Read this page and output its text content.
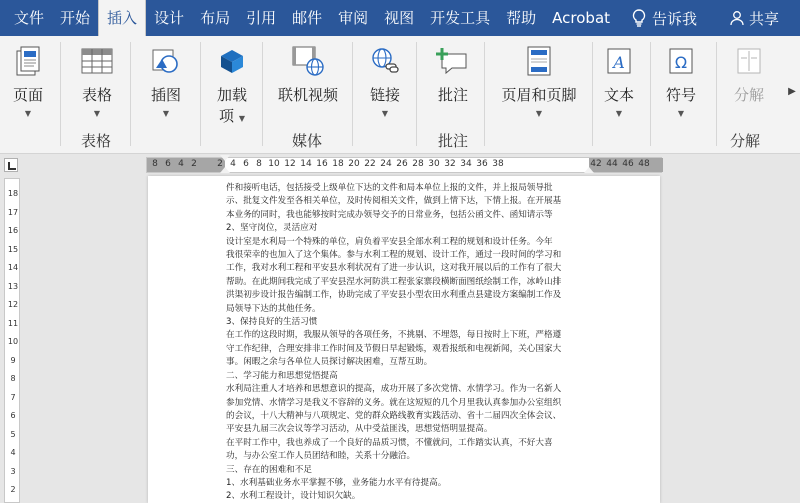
文件	开始	插入	设计	布局	引用	邮件	审阅	视图	开发工具	帮助	Acrobat	告诉我	共享
页面
▼
表格
▼
表格
插图
▼
加载
项 ▼
联机视频
媒体
链接
▼
批注
批注
页眉和页脚
▼
A
文本
▼
Ω
符号
▼
分解
分解
▶
8 6 4 2 2 4 6 8 10 12 14 16 18 20 22 24 26 28 30 32 34 36 38	42 44 46 48
18
17
16
15
14
13
12
11
10
9
8
7
6
5
4
3
2

件和接听电话，包括接受上级单位下达的文件和局本单位上报的文件，并上报局领导批

示、批复文件发至各相关单位，及时传阅相关文件，做到上情下达，下情上报。在开展基

本业务的同时，我也能够按时完成办领导交予的日常业务，包括公函文件、函知请示等

2、坚守岗位，灵活应对

设计室是水利局一个特殊的单位，肩负着平安县全部水利工程的规划和设计任务。今年

我很荣幸的也加入了这个集体。参与水利工程的规划、设计工作，通过一段时间的学习和

工作，我对水利工程和平安县水利状况有了进一步认识，这对我开展以后的工作有了很大

帮助。在此期间我完成了平安县涅水河防洪工程张家寨段横断面图纸绘制工作，冰岭山排

洪渠初步设计报告编制工作，协助完成了平安县小型农田水利重点县建设方案编制工作及

局领导下达的其他任务。

3、保持良好的生活习惯

在工作的这段时期，我服从领导的各项任务，不挑剔、不埋怨，每日按时上下班，严格遵

守工作纪律，合理安排非工作时间及节假日早起锻炼，观看报纸和电视新闻，关心国家大

事。闲暇之余与各单位人员探讨解决困难，互帮互助。

二、学习能力和思想觉悟提高

水利局注重人才培养和思想意识的提高，成功开展了多次党情、水情学习。作为一名新人

参加党情、水情学习是我义不容辞的义务。就在这短短的几个月里我认真参加办公室组织

的会议，十八大精神与八项规定、党的群众路线教育实践活动、省十二届四次全体会议、

平安县九届三次会议等学习活动，从中受益匪浅，思想觉悟明显提高。

在平时工作中，我也养成了一个良好的品质习惯，不懂就问，工作踏实认真，不好大喜

功，与办公室工作人员团结和睦，关系十分融洽。

三、存在的困难和不足

1、水利基础业务水平掌握不够，业务能力水平有待提高。

2、水利工程设计，设计知识欠缺。
